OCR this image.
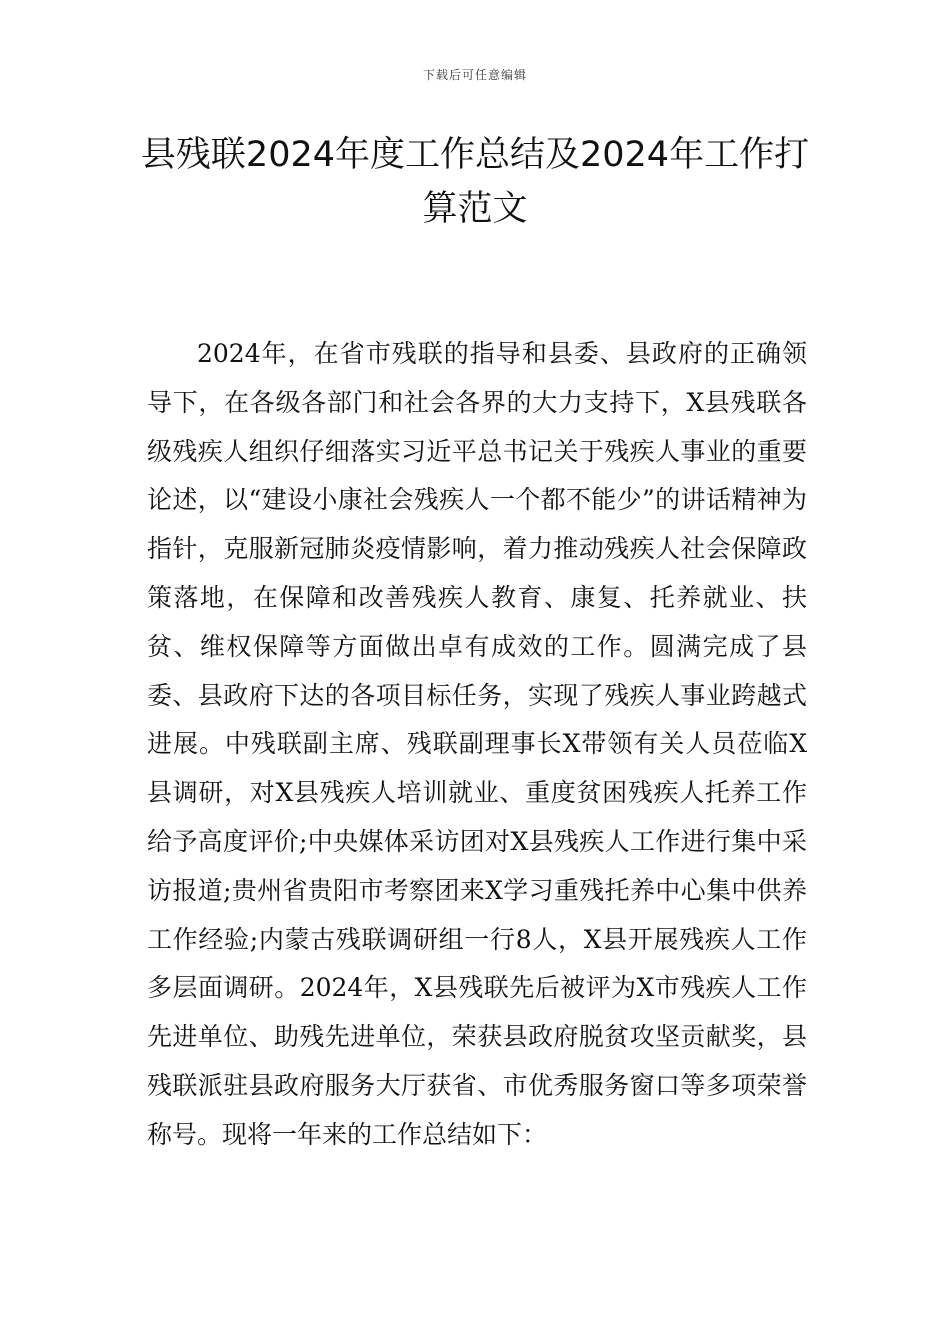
下载后可任意编辑
县残联2024年度工作总结及2024年工作打算范文

2024年，在省市残联的指导和县委、县政府的正确领导下，在各级各部门和社会各界的大力支持下，X县残联各级残疾人组织仔细落实习近平总书记关于残疾人事业的重要论述，以“建设小康社会残疾人一个都不能少”的讲话精神为指针，克服新冠肺炎疫情影响，着力推动残疾人社会保障政策落地，在保障和改善残疾人教育、康复、托养就业、扶贫、维权保障等方面做出卓有成效的工作。圆满完成了县委、县政府下达的各项目标任务，实现了残疾人事业跨越式进展。中残联副主席、残联副理事长X带领有关人员莅临X县调研，对X县残疾人培训就业、重度贫困残疾人托养工作给予高度评价;中央媒体采访团对X县残疾人工作进行集中采访报道;贵州省贵阳市考察团来X学习重残托养中心集中供养工作经验;内蒙古残联调研组一行8人，X县开展残疾人工作多层面调研。2024年，X县残联先后被评为X市残疾人工作先进单位、助残先进单位，荣获县政府脱贫攻坚贡献奖，县残联派驻县政府服务大厅获省、市优秀服务窗口等多项荣誉称号。现将一年来的工作总结如下：
